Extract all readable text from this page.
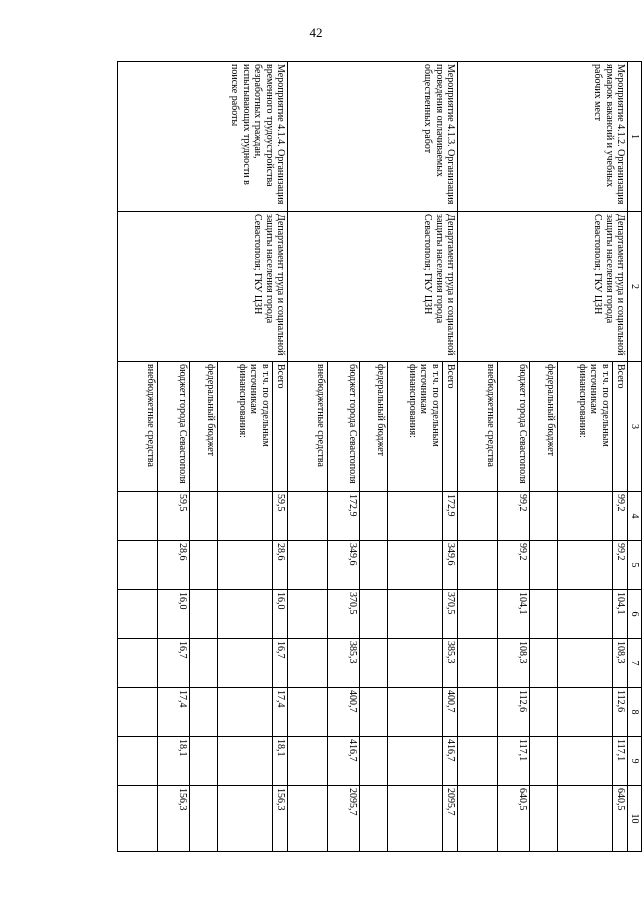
42
1	2	3	4	5	6	7	8	9	10
Мероприятие 4.1.2. Организация ярмарок вакансий и учебных рабочих мест	Департамент труда и социальной защиты населения города Севастополя; ГКУ ЦЗН	Всего	99,2	99,2	104,1	108,3	112,6	117,1	640,5
		в т.ч. по отдельным источникам финансирования:							
		федеральный бюджет							
		бюджет города Севастополя	99,2	99,2	104,1	108,3	112,6	117,1	640,5
		внебюджетные средства							
Мероприятие 4.1.3. Организация проведения оплачиваемых общественных работ	Департамент труда и социальной защиты населения города Севастополя; ГКУ ЦЗН	Всего	172,9	349,6	370,5	385,3	400,7	416,7	2095,7
		в т.ч. по отдельным источникам финансирования:							
		федеральный бюджет							
		бюджет города Севастополя	172,9	349,6	370,5	385,3	400,7	416,7	2095,7
		внебюджетные средства							
Мероприятие 4.1.4. Организация временного трудоустройства безработных граждан, испытывающих трудности в поиске работы	Департамент труда и социальной защиты населения города Севастополя; ГКУ ЦЗН	Всего	59,5	28,6	16,0	16,7	17,4	18,1	156,3
		в т.ч. по отдельным источникам финансирования:							
		федеральный бюджет							
		бюджет города Севастополя	59,5	28,6	16,0	16,7	17,4	18,1	156,3
		внебюджетные средства							
